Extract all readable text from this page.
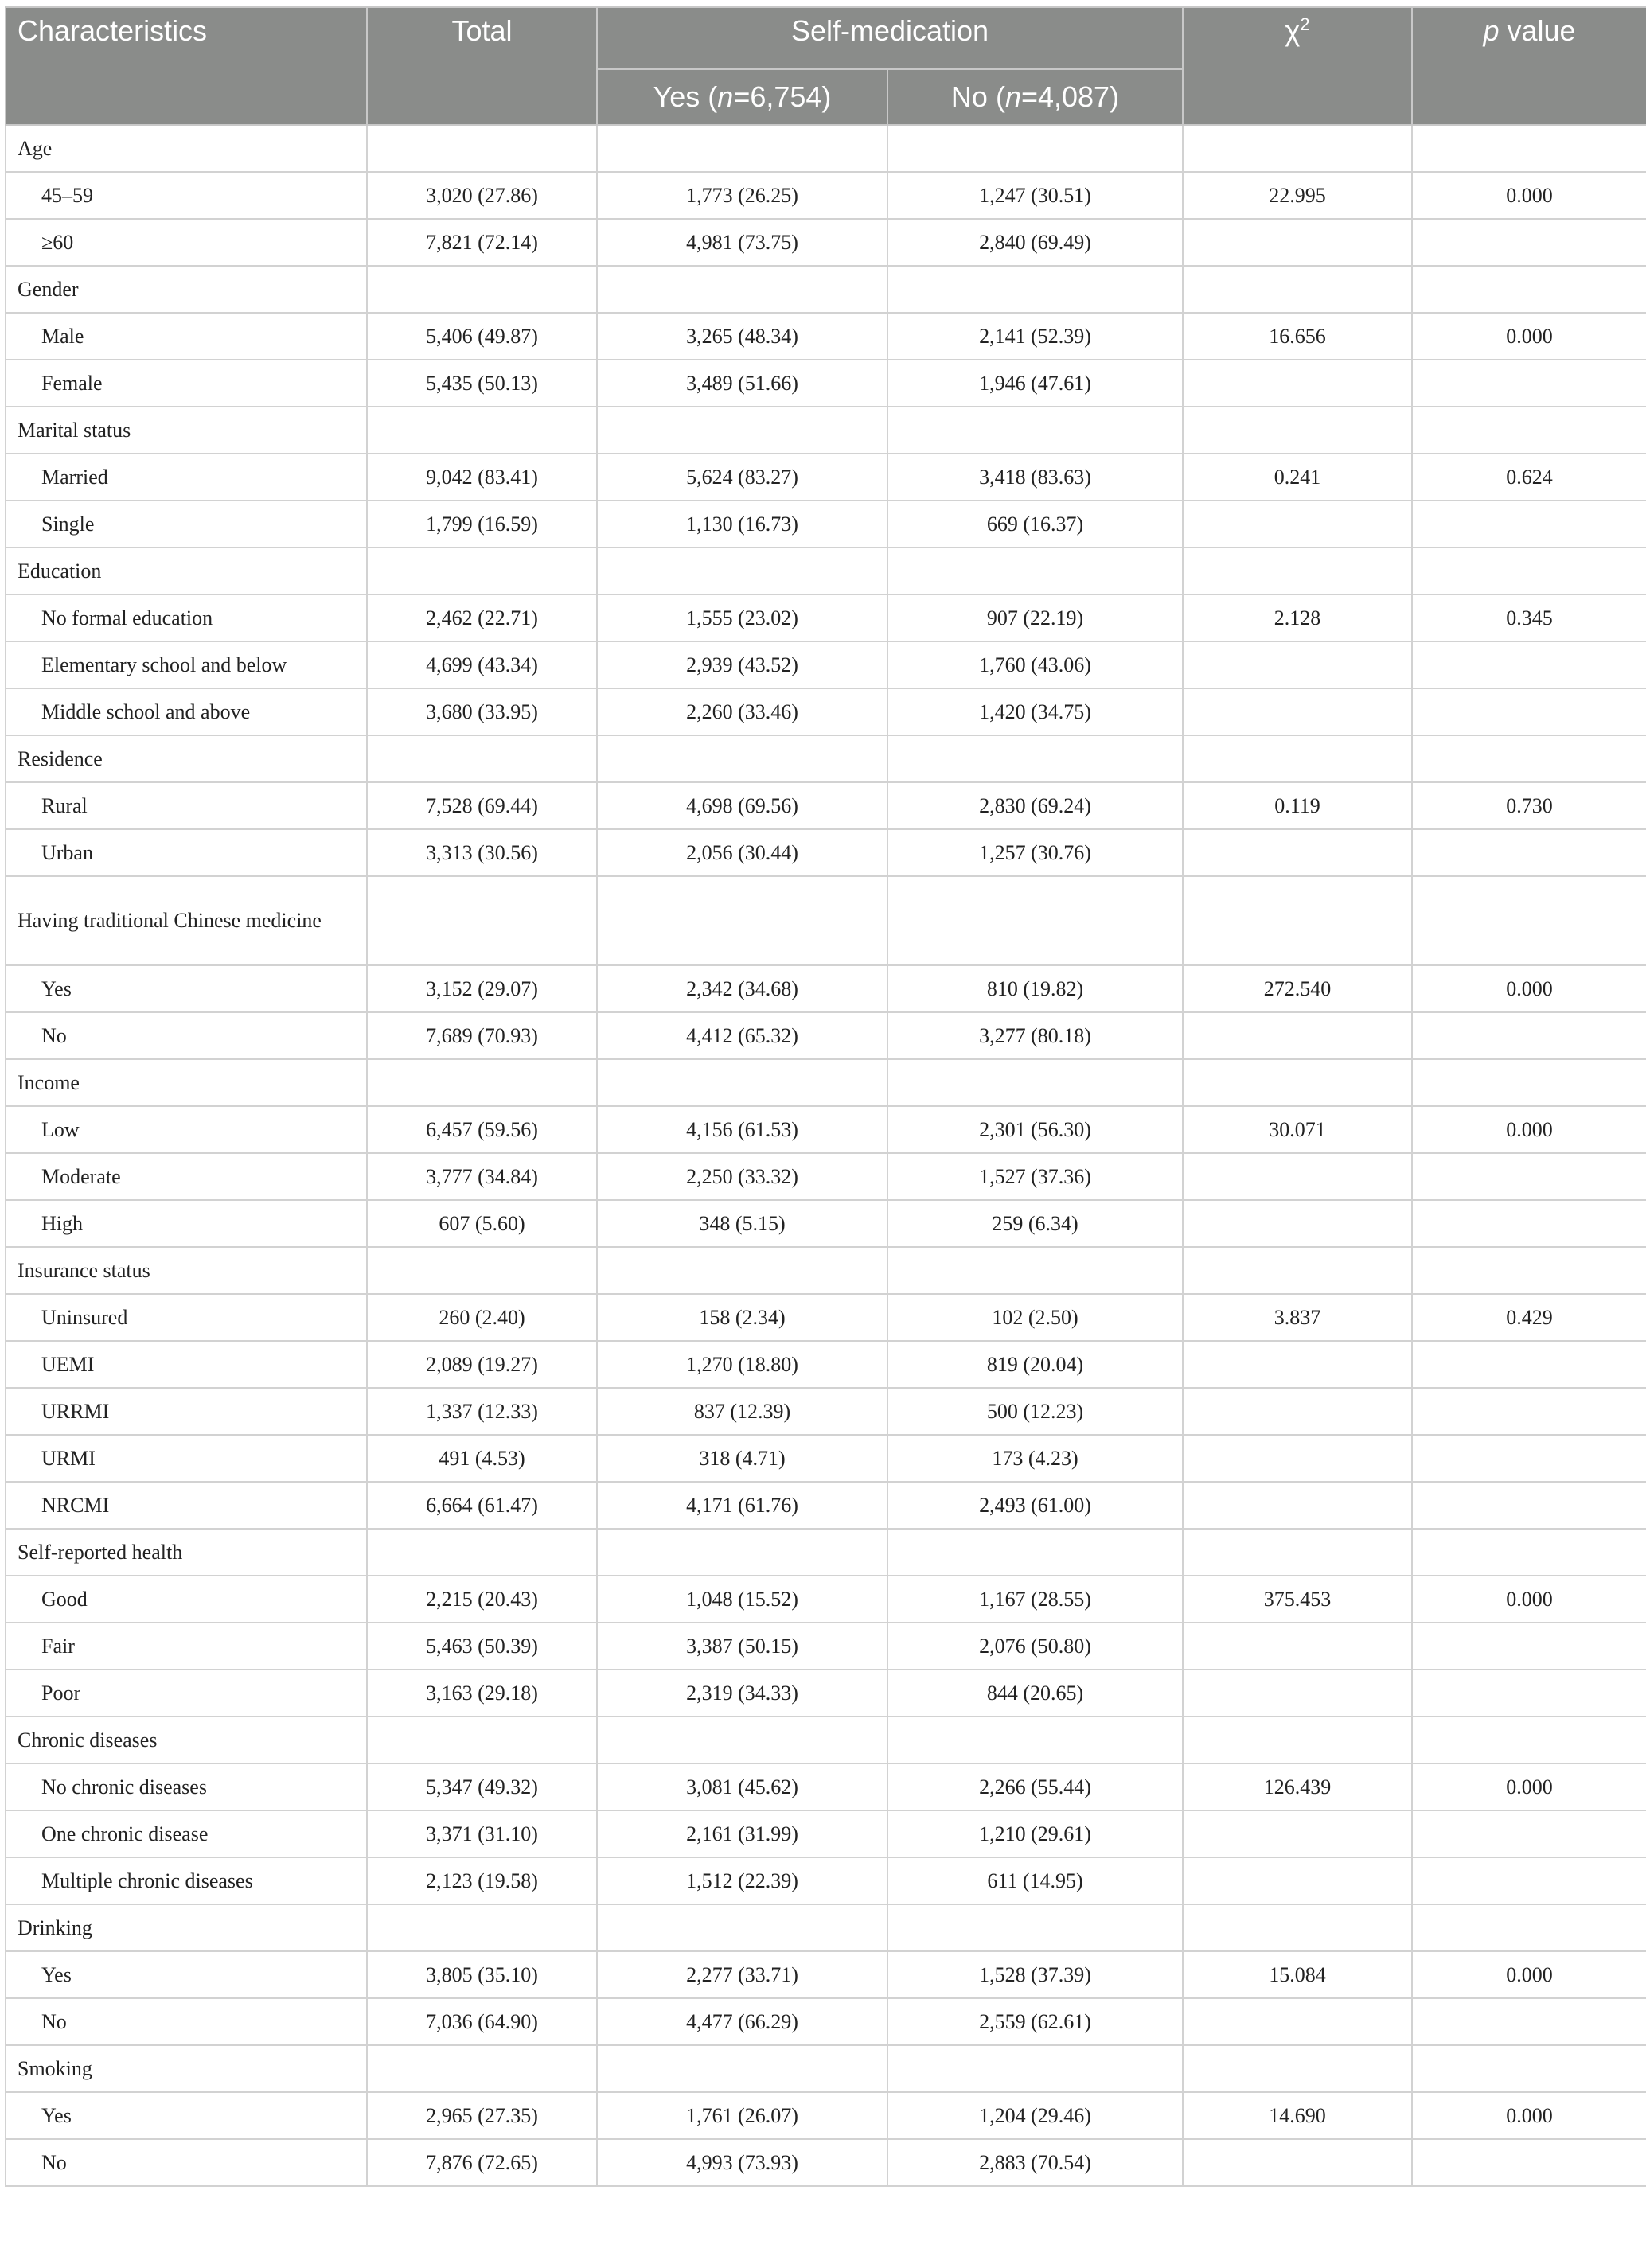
Characteristics	Total	Self-medication		$\chi^2$	p value
		Yes (n=6,754)	No (n=4,087)		
Age					
45–59	3,020 (27.86)	1,773 (26.25)	1,247 (30.51)	22.995	0.000
≥60	7,821 (72.14)	4,981 (73.75)	2,840 (69.49)		
Gender					
Male	5,406 (49.87)	3,265 (48.34)	2,141 (52.39)	16.656	0.000
Female	5,435 (50.13)	3,489 (51.66)	1,946 (47.61)		
Marital status					
Married	9,042 (83.41)	5,624 (83.27)	3,418 (83.63)	0.241	0.624
Single	1,799 (16.59)	1,130 (16.73)	669 (16.37)		
Education					
No formal education	2,462 (22.71)	1,555 (23.02)	907 (22.19)	2.128	0.345
Elementary school and below	4,699 (43.34)	2,939 (43.52)	1,760 (43.06)		
Middle school and above	3,680 (33.95)	2,260 (33.46)	1,420 (34.75)		
Residence					
Rural	7,528 (69.44)	4,698 (69.56)	2,830 (69.24)	0.119	0.730
Urban	3,313 (30.56)	2,056 (30.44)	1,257 (30.76)		
Having traditional Chinese medicine					
Yes	3,152 (29.07)	2,342 (34.68)	810 (19.82)	272.540	0.000
No	7,689 (70.93)	4,412 (65.32)	3,277 (80.18)		
Income					
Low	6,457 (59.56)	4,156 (61.53)	2,301 (56.30)	30.071	0.000
Moderate	3,777 (34.84)	2,250 (33.32)	1,527 (37.36)		
High	607 (5.60)	348 (5.15)	259 (6.34)		
Insurance status					
Uninsured	260 (2.40)	158 (2.34)	102 (2.50)	3.837	0.429
UEMI	2,089 (19.27)	1,270 (18.80)	819 (20.04)		
URRMI	1,337 (12.33)	837 (12.39)	500 (12.23)		
URMI	491 (4.53)	318 (4.71)	173 (4.23)		
NRCMI	6,664 (61.47)	4,171 (61.76)	2,493 (61.00)		
Self-reported health					
Good	2,215 (20.43)	1,048 (15.52)	1,167 (28.55)	375.453	0.000
Fair	5,463 (50.39)	3,387 (50.15)	2,076 (50.80)		
Poor	3,163 (29.18)	2,319 (34.33)	844 (20.65)		
Chronic diseases					
No chronic diseases	5,347 (49.32)	3,081 (45.62)	2,266 (55.44)	126.439	0.000
One chronic disease	3,371 (31.10)	2,161 (31.99)	1,210 (29.61)		
Multiple chronic diseases	2,123 (19.58)	1,512 (22.39)	611 (14.95)		
Drinking					
Yes	3,805 (35.10)	2,277 (33.71)	1,528 (37.39)	15.084	0.000
No	7,036 (64.90)	4,477 (66.29)	2,559 (62.61)		
Smoking					
Yes	2,965 (27.35)	1,761 (26.07)	1,204 (29.46)	14.690	0.000
No	7,876 (72.65)	4,993 (73.93)	2,883 (70.54)		
